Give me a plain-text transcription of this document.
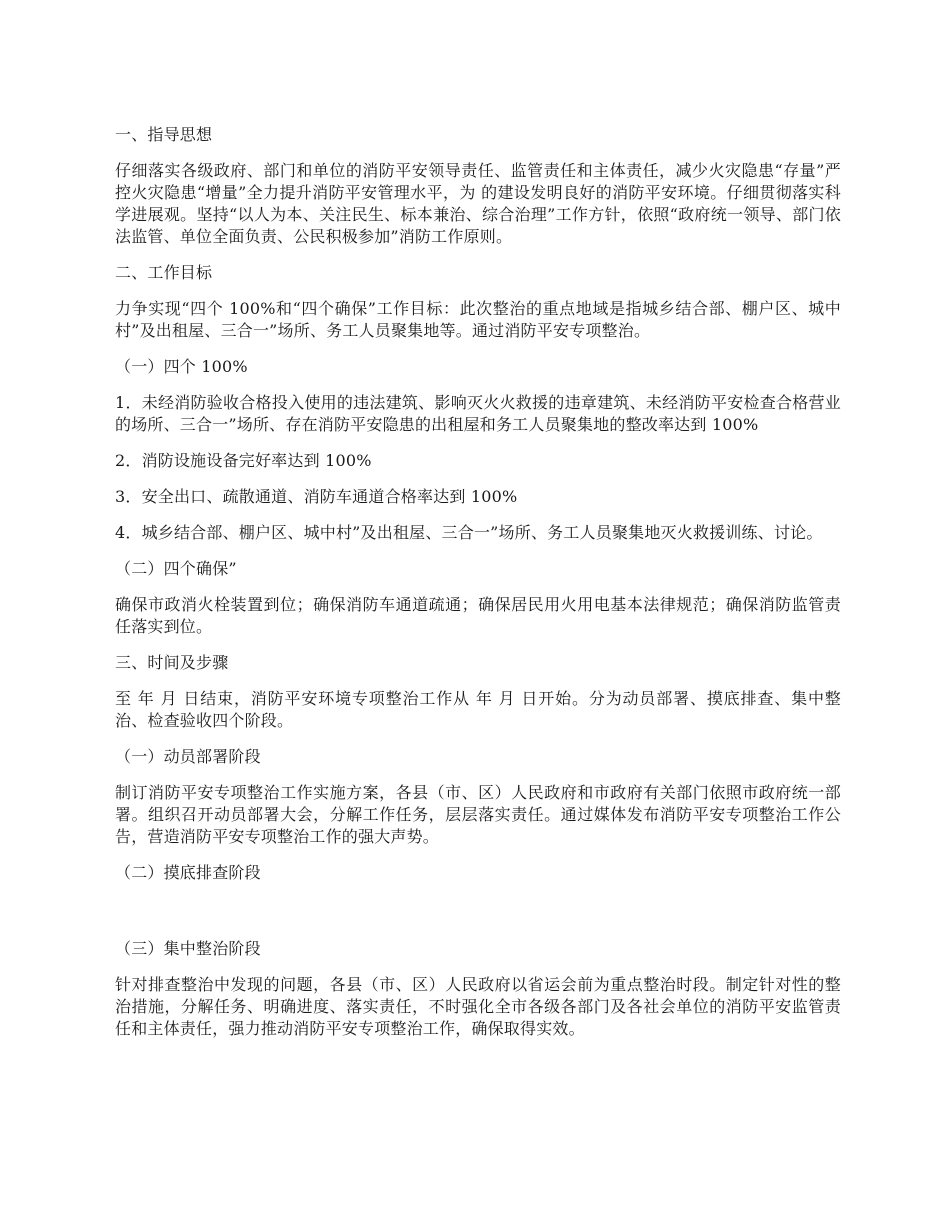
一、指导思想

仔细落实各级政府、部门和单位的消防平安领导责任、监管责任和主体责任，减少火灾隐患“存量”严控火灾隐患“增量”全力提升消防平安管理水平，为 的建设发明良好的消防平安环境。仔细贯彻落实科学进展观。坚持“以人为本、关注民生、标本兼治、综合治理”工作方针，依照“政府统一领导、部门依法监管、单位全面负责、公民积极参加”消防工作原则。

二、工作目标

力争实现“四个 100%和“四个确保”工作目标：此次整治的重点地域是指城乡结合部、棚户区、城中村”及出租屋、三合一”场所、务工人员聚集地等。通过消防平安专项整治。

（一）四个 100%

1．未经消防验收合格投入使用的违法建筑、影响灭火火救援的违章建筑、未经消防平安检查合格营业的场所、三合一”场所、存在消防平安隐患的出租屋和务工人员聚集地的整改率达到 100%

2．消防设施设备完好率达到 100%

3．安全出口、疏散通道、消防车通道合格率达到 100%

4．城乡结合部、棚户区、城中村”及出租屋、三合一”场所、务工人员聚集地灭火救援训练、讨论。

（二）四个确保”

确保市政消火栓装置到位；确保消防车通道疏通；确保居民用火用电基本法律规范；确保消防监管责任落实到位。

三、时间及步骤

至 年 月 日结束，消防平安环境专项整治工作从 年 月 日开始。分为动员部署、摸底排查、集中整治、检查验收四个阶段。

（一）动员部署阶段

制订消防平安专项整治工作实施方案，各县（市、区）人民政府和市政府有关部门依照市政府统一部署。组织召开动员部署大会，分解工作任务，层层落实责任。通过媒体发布消防平安专项整治工作公告，营造消防平安专项整治工作的强大声势。

（二）摸底排查阶段

（三）集中整治阶段

针对排查整治中发现的问题，各县（市、区）人民政府以省运会前为重点整治时段。制定针对性的整治措施，分解任务、明确进度、落实责任，不时强化全市各级各部门及各社会单位的消防平安监管责任和主体责任，强力推动消防平安专项整治工作，确保取得实效。
